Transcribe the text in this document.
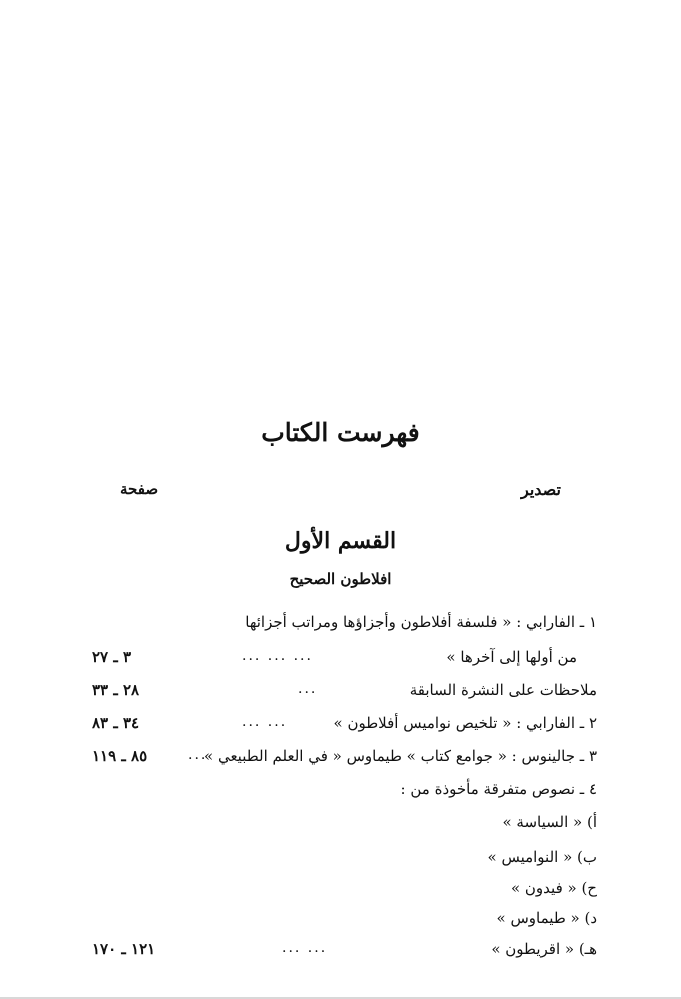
فهرست الكتاب
تصدير
صفحة
القسم الأول
افلاطون الصحيح
١ ـ الفارابي : « فلسفة أفلاطون وأجزاؤها ومراتب أجزائها
من أولها إلى آخرها »
... ... ...
٣ ـ ٢٧
ملاحظات على النشرة السابقة
...
٢٨ ـ ٣٣
٢ ـ الفارابي : « تلخيص نواميس أفلاطون »
... ...
٣٤ ـ ٨٣
٣ ـ جالينوس : « جوامع كتاب » طيماوس « في العلم الطبيعي »
...
٨٥ ـ ١١٩
٤ ـ نصوص متفرقة مأخوذة من :
أ) « السياسة »
ب) « النواميس »
ح) « فيدون »
د) « طيماوس »
هـ) « اقريطون »
... ...
١٢١ ـ ١٧٠
